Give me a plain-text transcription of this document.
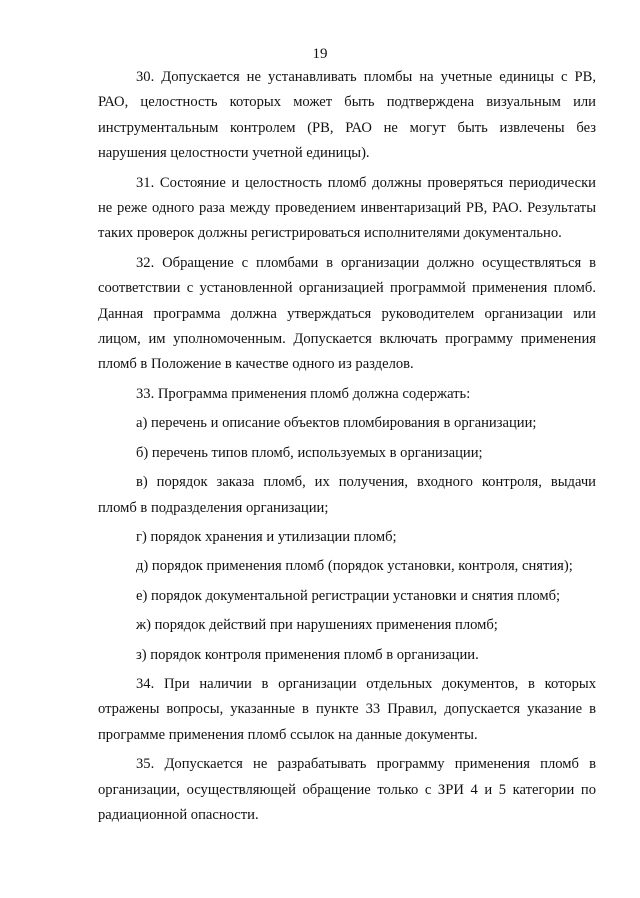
19

30. Допускается не устанавливать пломбы на учетные единицы с РВ, РАО, целостность которых может быть подтверждена визуальным или инструментальным контролем (РВ, РАО не могут быть извлечены без нарушения целостности учетной единицы).

31. Состояние и целостность пломб должны проверяться периодически не реже одного раза между проведением инвентаризаций РВ, РАО. Результаты таких проверок должны регистрироваться исполнителями документально.

32. Обращение с пломбами в организации должно осуществляться в соответствии с установленной организацией программой применения пломб. Данная программа должна утверждаться руководителем организации или лицом, им уполномоченным. Допускается включать программу применения пломб в Положение в качестве одного из разделов.

33. Программа применения пломб должна содержать:

а) перечень и описание объектов пломбирования в организации;

б) перечень типов пломб, используемых в организации;

в) порядок заказа пломб, их получения, входного контроля, выдачи пломб в подразделения организации;

г) порядок хранения и утилизации пломб;

д) порядок применения пломб (порядок установки, контроля, снятия);

е) порядок документальной регистрации установки и снятия пломб;

ж) порядок действий при нарушениях применения пломб;

з) порядок контроля применения пломб в организации.

34. При наличии в организации отдельных документов, в которых отражены вопросы, указанные в пункте 33 Правил, допускается указание в программе применения пломб ссылок на данные документы.

35. Допускается не разрабатывать программу применения пломб в организации, осуществляющей обращение только с ЗРИ 4 и 5 категории по радиационной опасности.
